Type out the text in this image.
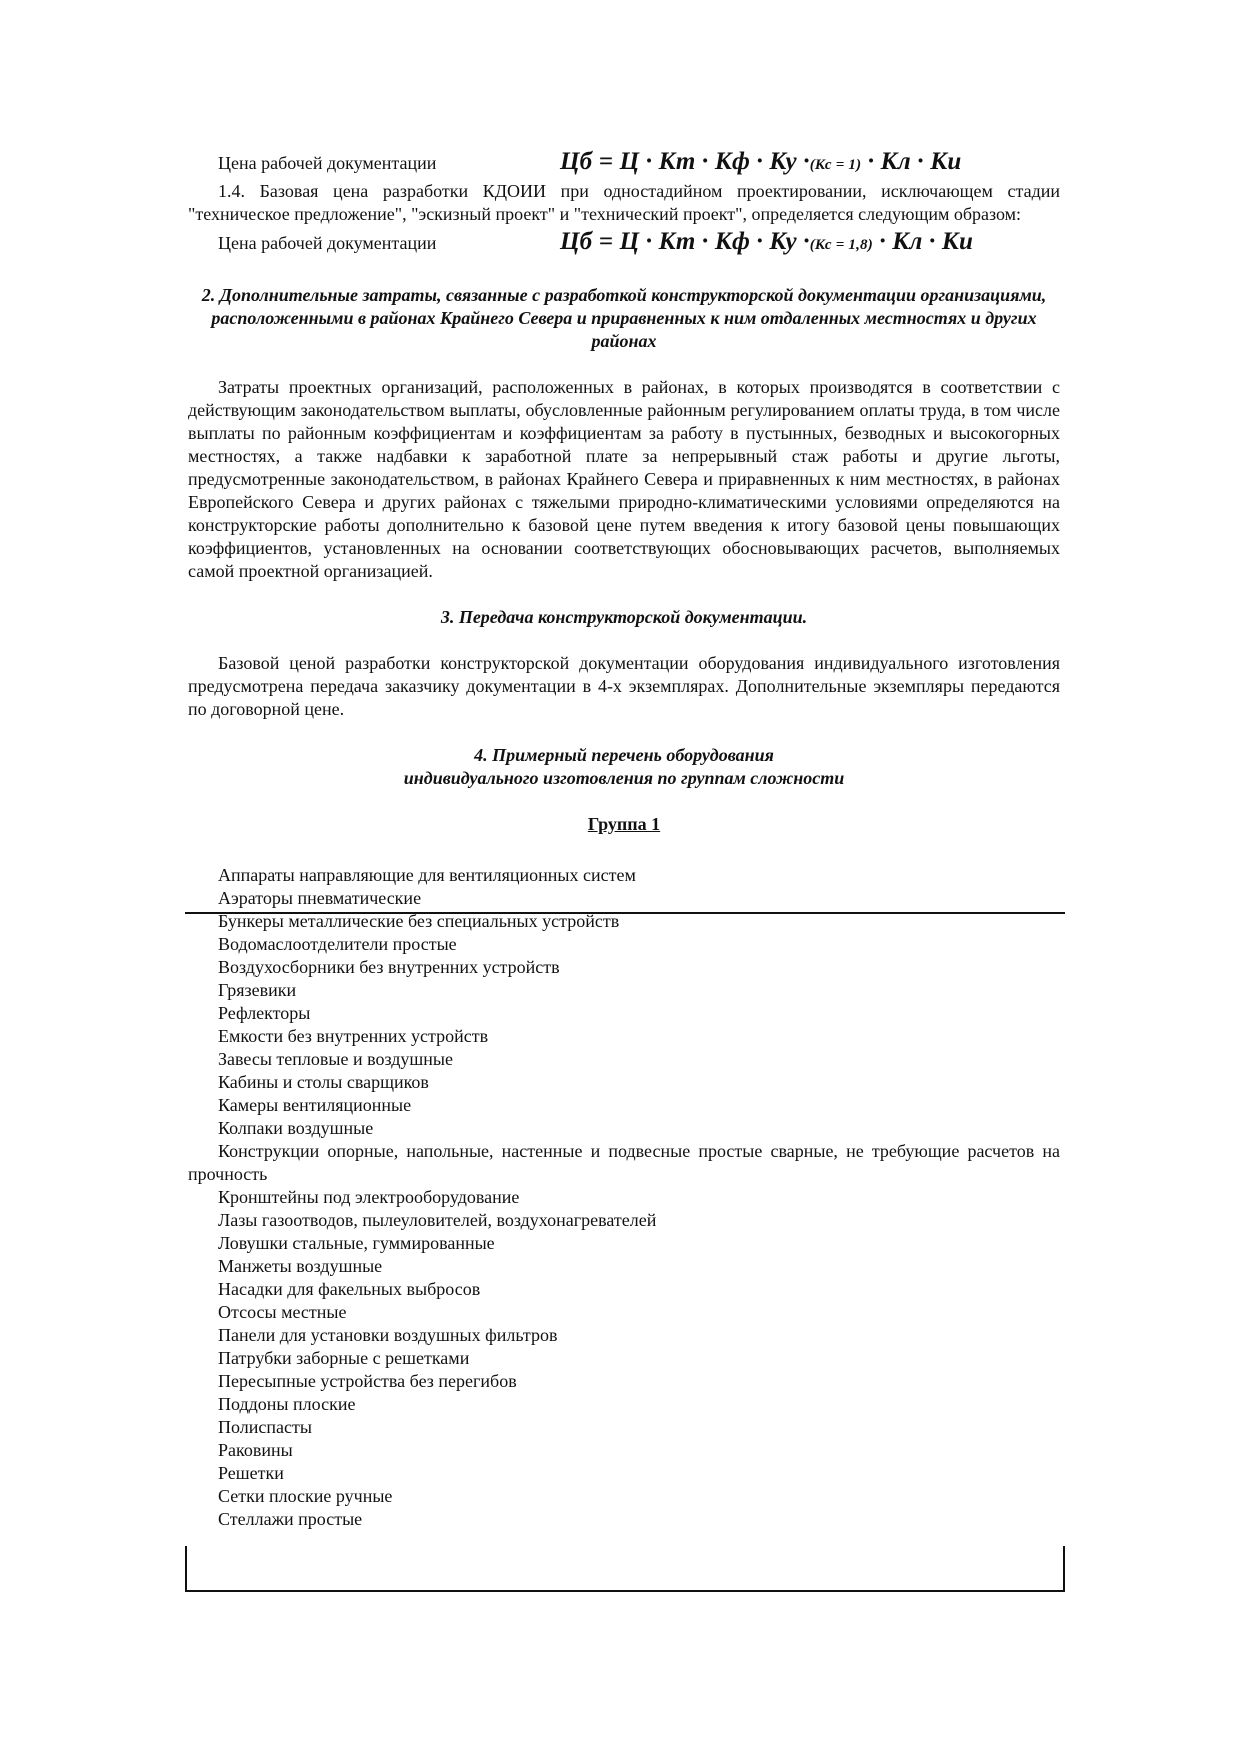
Цена рабочей документации	Цб = Ц · Кт · Кф · Ку ·(Кс = 1) · Кл · Ки

1.4. Базовая цена разработки КДОИИ при одностадийном проектировании, исключающем стадии "техническое предложение", "эскизный проект" и "технический проект", определяется следующим образом:

Цена рабочей документации	Цб = Ц · Кт · Кф · Ку ·(Кс = 1,8) · Кл · Ки

2. Дополнительные затраты, связанные с разработкой конструкторской документации организациями, расположенными в районах Крайнего Севера и приравненных к ним отдаленных местностях и других районах

Затраты проектных организаций, расположенных в районах, в которых производятся в соответствии с действующим законодательством выплаты, обусловленные районным регулированием оплаты труда, в том числе выплаты по районным коэффициентам и коэффициентам за работу в пустынных, безводных и высокогорных местностях, а также надбавки к заработной плате за непрерывный стаж работы и другие льготы, предусмотренные законодательством, в районах Крайнего Севера и приравненных к ним местностях, в районах Европейского Севера и других районах с тяжелыми природно-климатическими условиями определяются на конструкторские работы дополнительно к базовой цене путем введения к итогу базовой цены повышающих коэффициентов, установленных на основании соответствующих обосновывающих расчетов, выполняемых самой проектной организацией.

3. Передача конструкторской документации.

Базовой ценой разработки конструкторской документации оборудования индивидуального изготовления предусмотрена передача заказчику документации в 4-х экземплярах. Дополнительные экземпляры передаются по договорной цене.

4. Примерный перечень оборудования

индивидуального изготовления по группам сложности

Группа 1

Аппараты направляющие для вентиляционных систем

Аэраторы пневматические

Бункеры металлические без специальных устройств

Водомаслоотделители простые

Воздухосборники без внутренних устройств

Грязевики

Рефлекторы

Емкости без внутренних устройств

Завесы тепловые и воздушные

Кабины и столы сварщиков

Камеры вентиляционные

Колпаки воздушные

Конструкции опорные, напольные, настенные и подвесные простые сварные, не требующие расчетов на прочность

Кронштейны под электрооборудование

Лазы газоотводов, пылеуловителей, воздухонагревателей

Ловушки стальные, гуммированные

Манжеты воздушные

Насадки для факельных выбросов

Отсосы местные

Панели для установки воздушных фильтров

Патрубки заборные с решетками

Пересыпные устройства без перегибов

Поддоны плоские

Полиспасты

Раковины

Решетки

Сетки плоские ручные

Стеллажи простые
